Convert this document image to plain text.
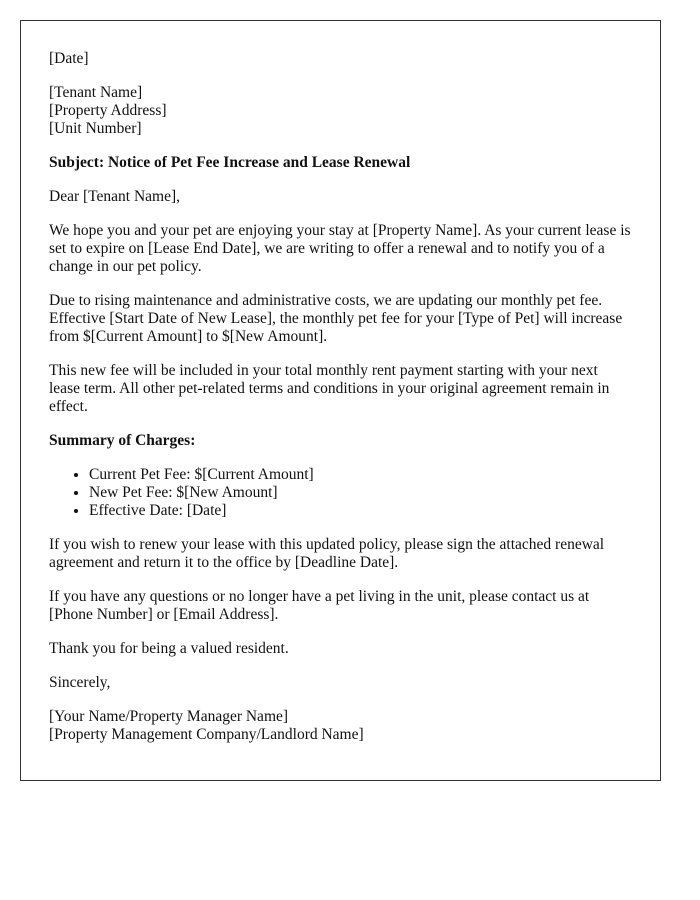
[Date]

[Tenant Name]
[Property Address]
[Unit Number]

Subject: Notice of Pet Fee Increase and Lease Renewal

Dear [Tenant Name],

We hope you and your pet are enjoying your stay at [Property Name]. As your current lease is set to expire on [Lease End Date], we are writing to offer a renewal and to notify you of a change in our pet policy.

Due to rising maintenance and administrative costs, we are updating our monthly pet fee. Effective [Start Date of New Lease], the monthly pet fee for your [Type of Pet] will increase from $[Current Amount] to $[New Amount].

This new fee will be included in your total monthly rent payment starting with your next lease term. All other pet-related terms and conditions in your original agreement remain in effect.

Summary of Charges:

• Current Pet Fee: $[Current Amount]
• New Pet Fee: $[New Amount]
• Effective Date: [Date]

If you wish to renew your lease with this updated policy, please sign the attached renewal agreement and return it to the office by [Deadline Date].

If you have any questions or no longer have a pet living in the unit, please contact us at [Phone Number] or [Email Address].

Thank you for being a valued resident.

Sincerely,

[Your Name/Property Manager Name]
[Property Management Company/Landlord Name]
